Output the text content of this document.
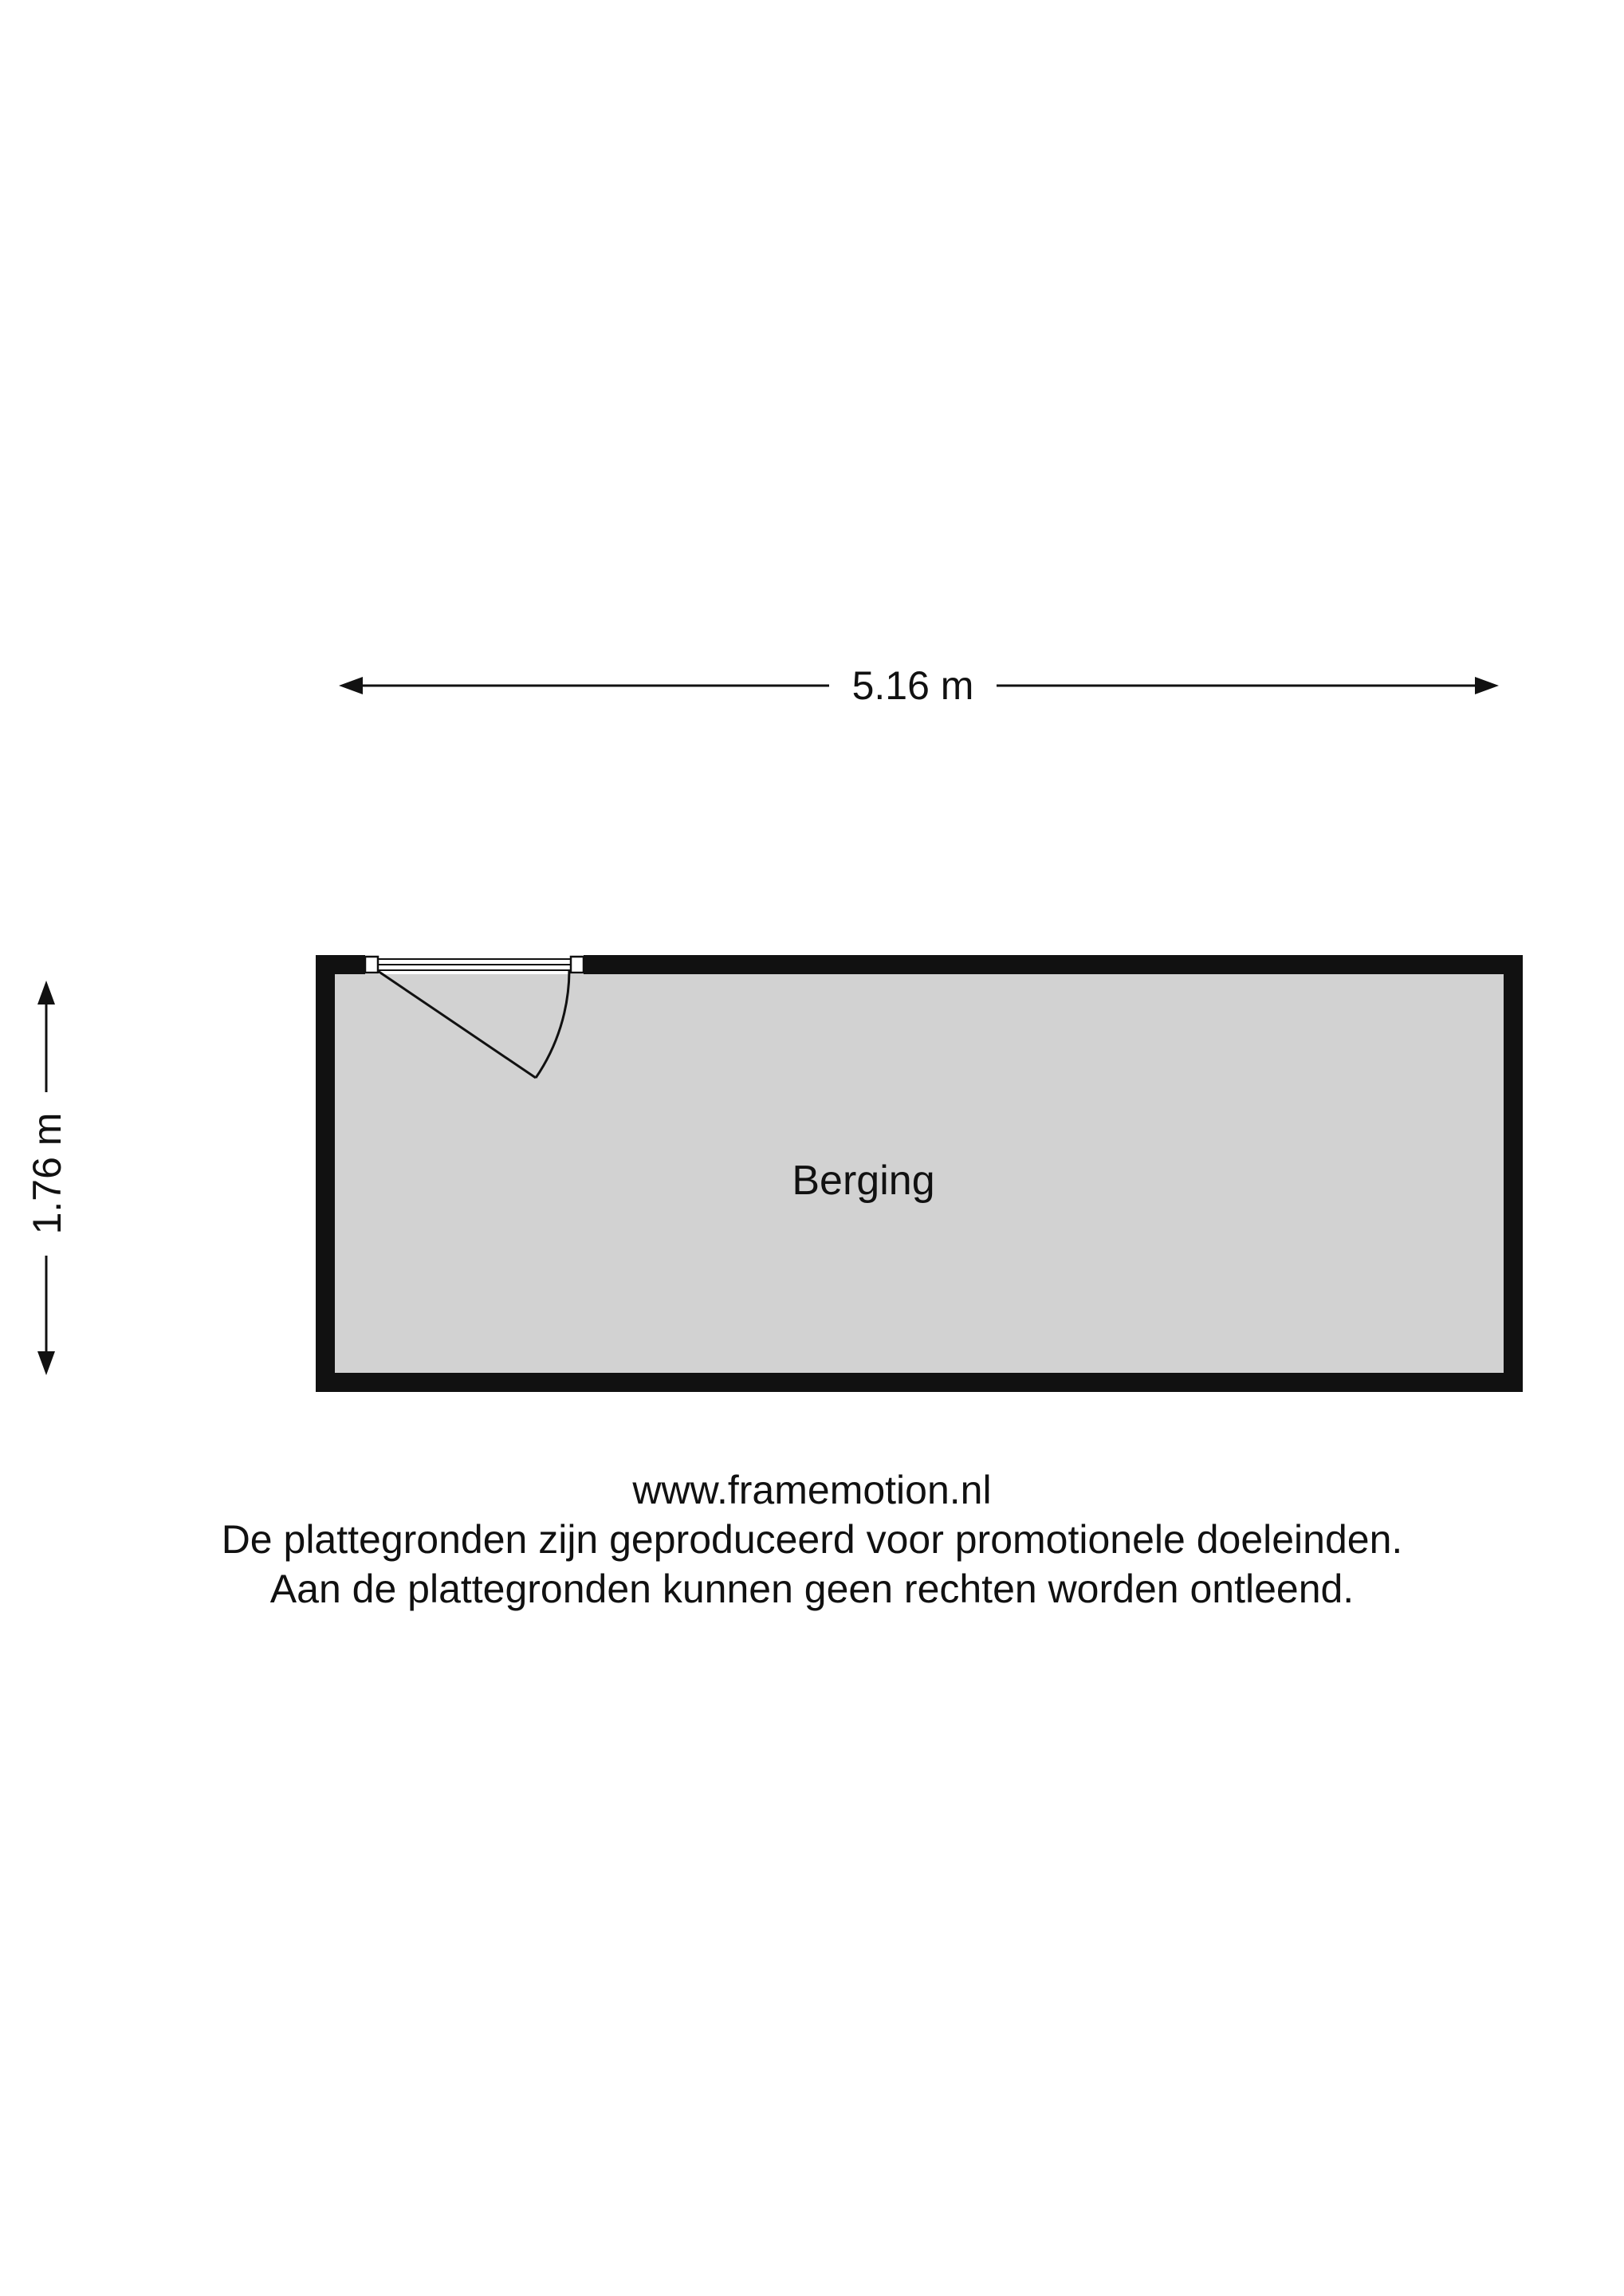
5.16 m
1.76 m	Berging
www.framemotion.nl
De plattegronden zijn geproduceerd voor promotionele doeleinden.
Aan de plattegronden kunnen geen rechten worden ontleend.
